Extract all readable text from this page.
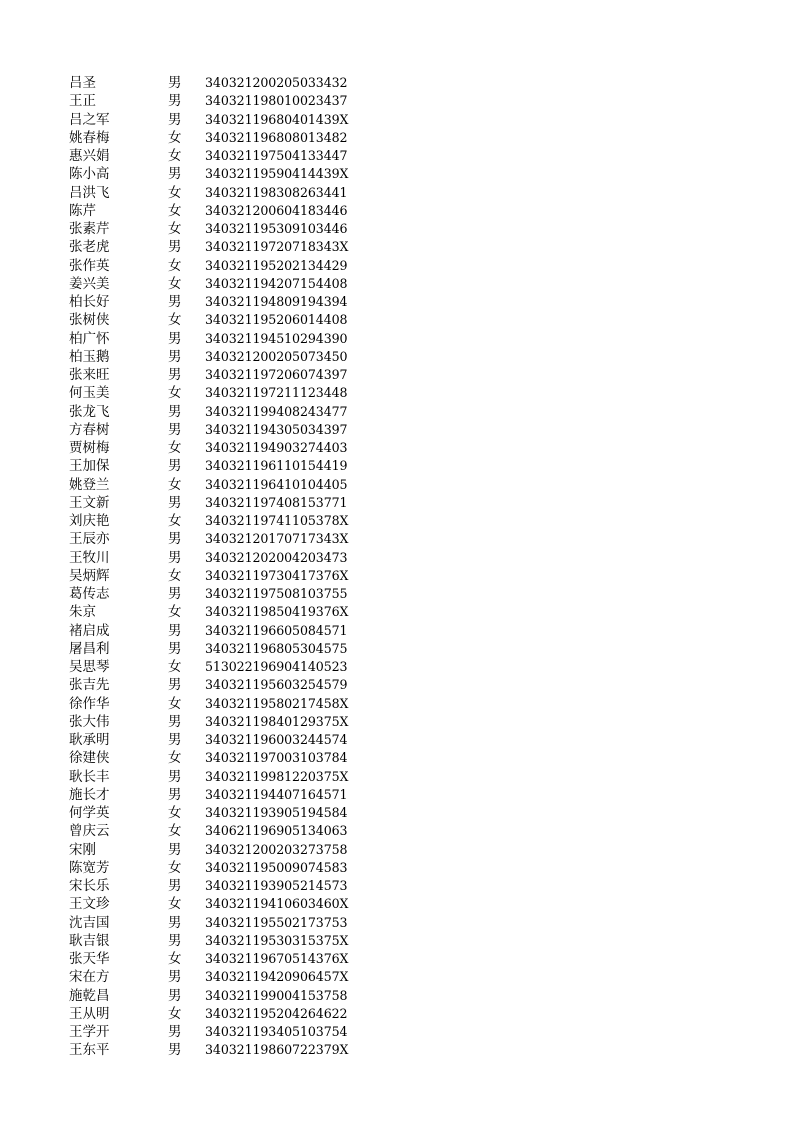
吕圣	男	340321200205033432
王正	男	340321198010023437
吕之军	男	34032119680401439X
姚春梅	女	340321196808013482
惠兴娟	女	340321197504133447
陈小高	男	34032119590414439X
吕洪飞	女	340321198308263441
陈芹	女	340321200604183446
张素芹	女	340321195309103446
张老虎	男	34032119720718343X
张作英	女	340321195202134429
姜兴美	女	340321194207154408
柏长好	男	340321194809194394
张树侠	女	340321195206014408
柏广怀	男	340321194510294390
柏玉鹅	男	340321200205073450
张来旺	男	340321197206074397
何玉美	女	340321197211123448
张龙飞	男	340321199408243477
方春树	男	340321194305034397
贾树梅	女	340321194903274403
王加保	男	340321196110154419
姚登兰	女	340321196410104405
王文新	男	340321197408153771
刘庆艳	女	34032119741105378X
王辰亦	男	34032120170717343X
王牧川	男	340321202004203473
吴炳辉	女	34032119730417376X
葛传志	男	340321197508103755
朱京	女	34032119850419376X
褚启成	男	340321196605084571
屠昌利	男	340321196805304575
吴思琴	女	513022196904140523
张吉先	男	340321195603254579
徐作华	女	34032119580217458X
张大伟	男	34032119840129375X
耿承明	男	340321196003244574
徐建侠	女	340321197003103784
耿长丰	男	34032119981220375X
施长才	男	340321194407164571
何学英	女	340321193905194584
曾庆云	女	340621196905134063
宋刚	男	340321200203273758
陈宽芳	女	340321195009074583
宋长乐	男	340321193905214573
王文珍	女	34032119410603460X
沈吉国	男	340321195502173753
耿吉银	男	34032119530315375X
张天华	女	34032119670514376X
宋在方	男	34032119420906457X
施乾昌	男	340321199004153758
王从明	女	340321195204264622
王学开	男	340321193405103754
王东平	男	34032119860722379X
